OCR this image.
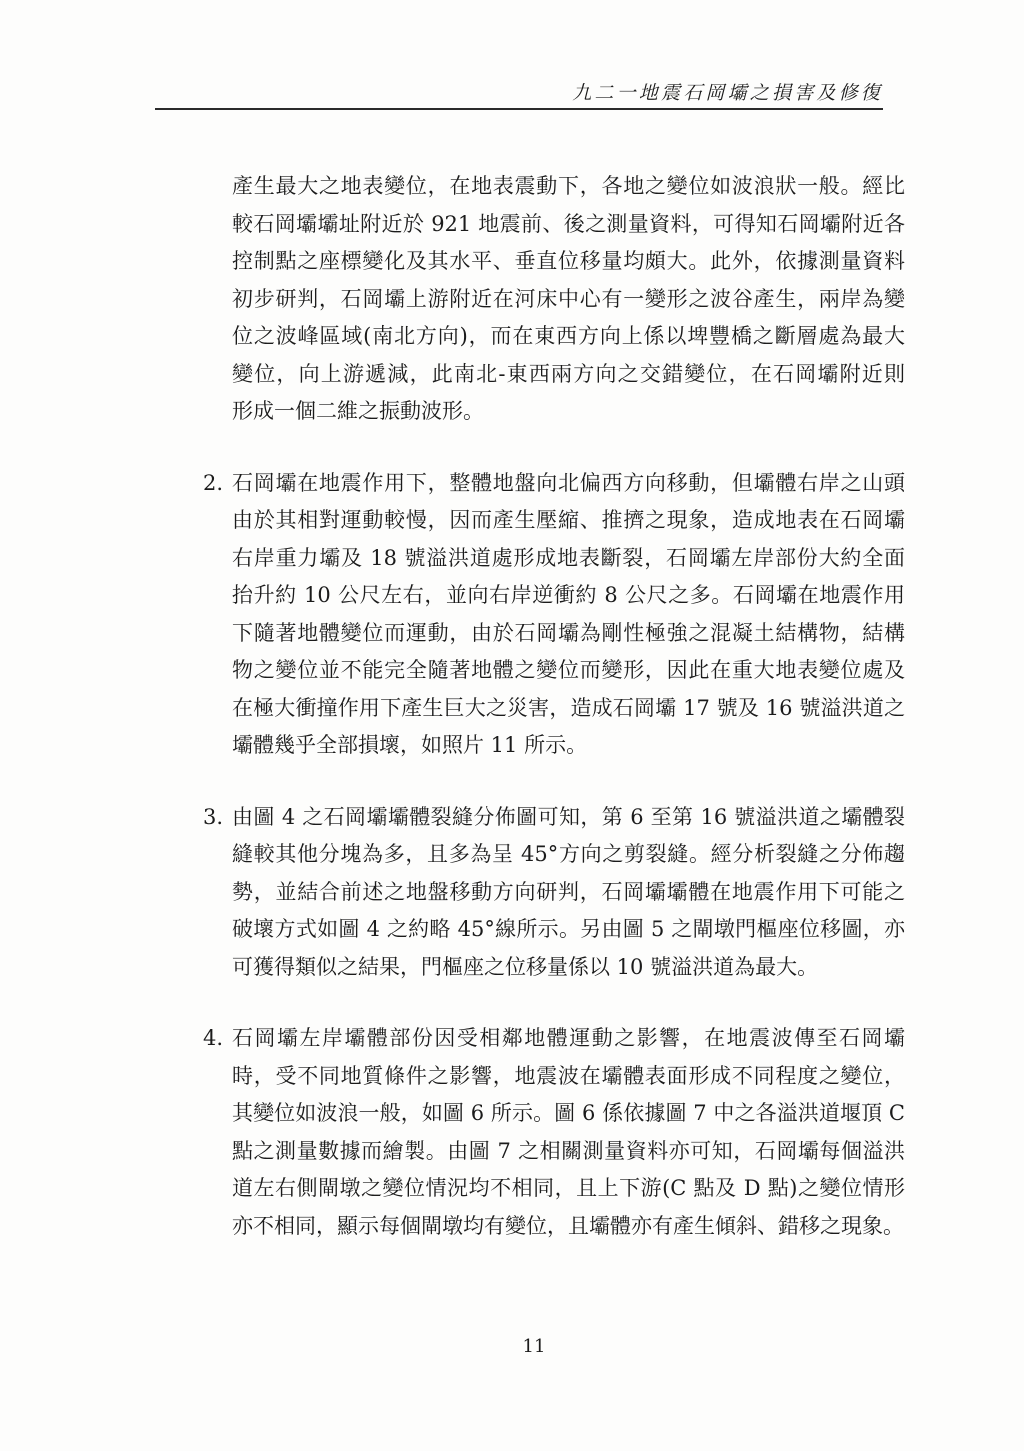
九二一地震石岡壩之損害及修復
產生最大之地表變位，在地表震動下，各地之變位如波浪狀一般。經比
較石岡壩壩址附近於 921 地震前、後之測量資料，可得知石岡壩附近各
控制點之座標變化及其水平、垂直位移量均頗大。此外，依據測量資料
初步研判，石岡壩上游附近在河床中心有一變形之波谷產生，兩岸為變
位之波峰區域(南北方向)，而在東西方向上係以埤豐橋之斷層處為最大
變位，向上游遞減，此南北-東西兩方向之交錯變位，在石岡壩附近則
形成一個二維之振動波形。
2. 石岡壩在地震作用下，整體地盤向北偏西方向移動，但壩體右岸之山頭
由於其相對運動較慢，因而產生壓縮、推擠之現象，造成地表在石岡壩
右岸重力壩及 18 號溢洪道處形成地表斷裂，石岡壩左岸部份大約全面
抬升約 10 公尺左右，並向右岸逆衝約 8 公尺之多。石岡壩在地震作用
下隨著地體變位而運動，由於石岡壩為剛性極強之混凝土結構物，結構
物之變位並不能完全隨著地體之變位而變形，因此在重大地表變位處及
在極大衝撞作用下產生巨大之災害，造成石岡壩 17 號及 16 號溢洪道之
壩體幾乎全部損壞，如照片 11 所示。
3. 由圖 4 之石岡壩壩體裂縫分佈圖可知，第 6 至第 16 號溢洪道之壩體裂
縫較其他分塊為多，且多為呈 45°方向之剪裂縫。經分析裂縫之分佈趨
勢，並結合前述之地盤移動方向研判，石岡壩壩體在地震作用下可能之
破壞方式如圖 4 之約略 45°線所示。另由圖 5 之閘墩門樞座位移圖，亦
可獲得類似之結果，門樞座之位移量係以 10 號溢洪道為最大。
4. 石岡壩左岸壩體部份因受相鄰地體運動之影響，在地震波傳至石岡壩
時，受不同地質條件之影響，地震波在壩體表面形成不同程度之變位，
其變位如波浪一般，如圖 6 所示。圖 6 係依據圖 7 中之各溢洪道堰頂 C
點之測量數據而繪製。由圖 7 之相關測量資料亦可知，石岡壩每個溢洪
道左右側閘墩之變位情況均不相同，且上下游(C 點及 D 點)之變位情形
亦不相同，顯示每個閘墩均有變位，且壩體亦有產生傾斜、錯移之現象。
11
